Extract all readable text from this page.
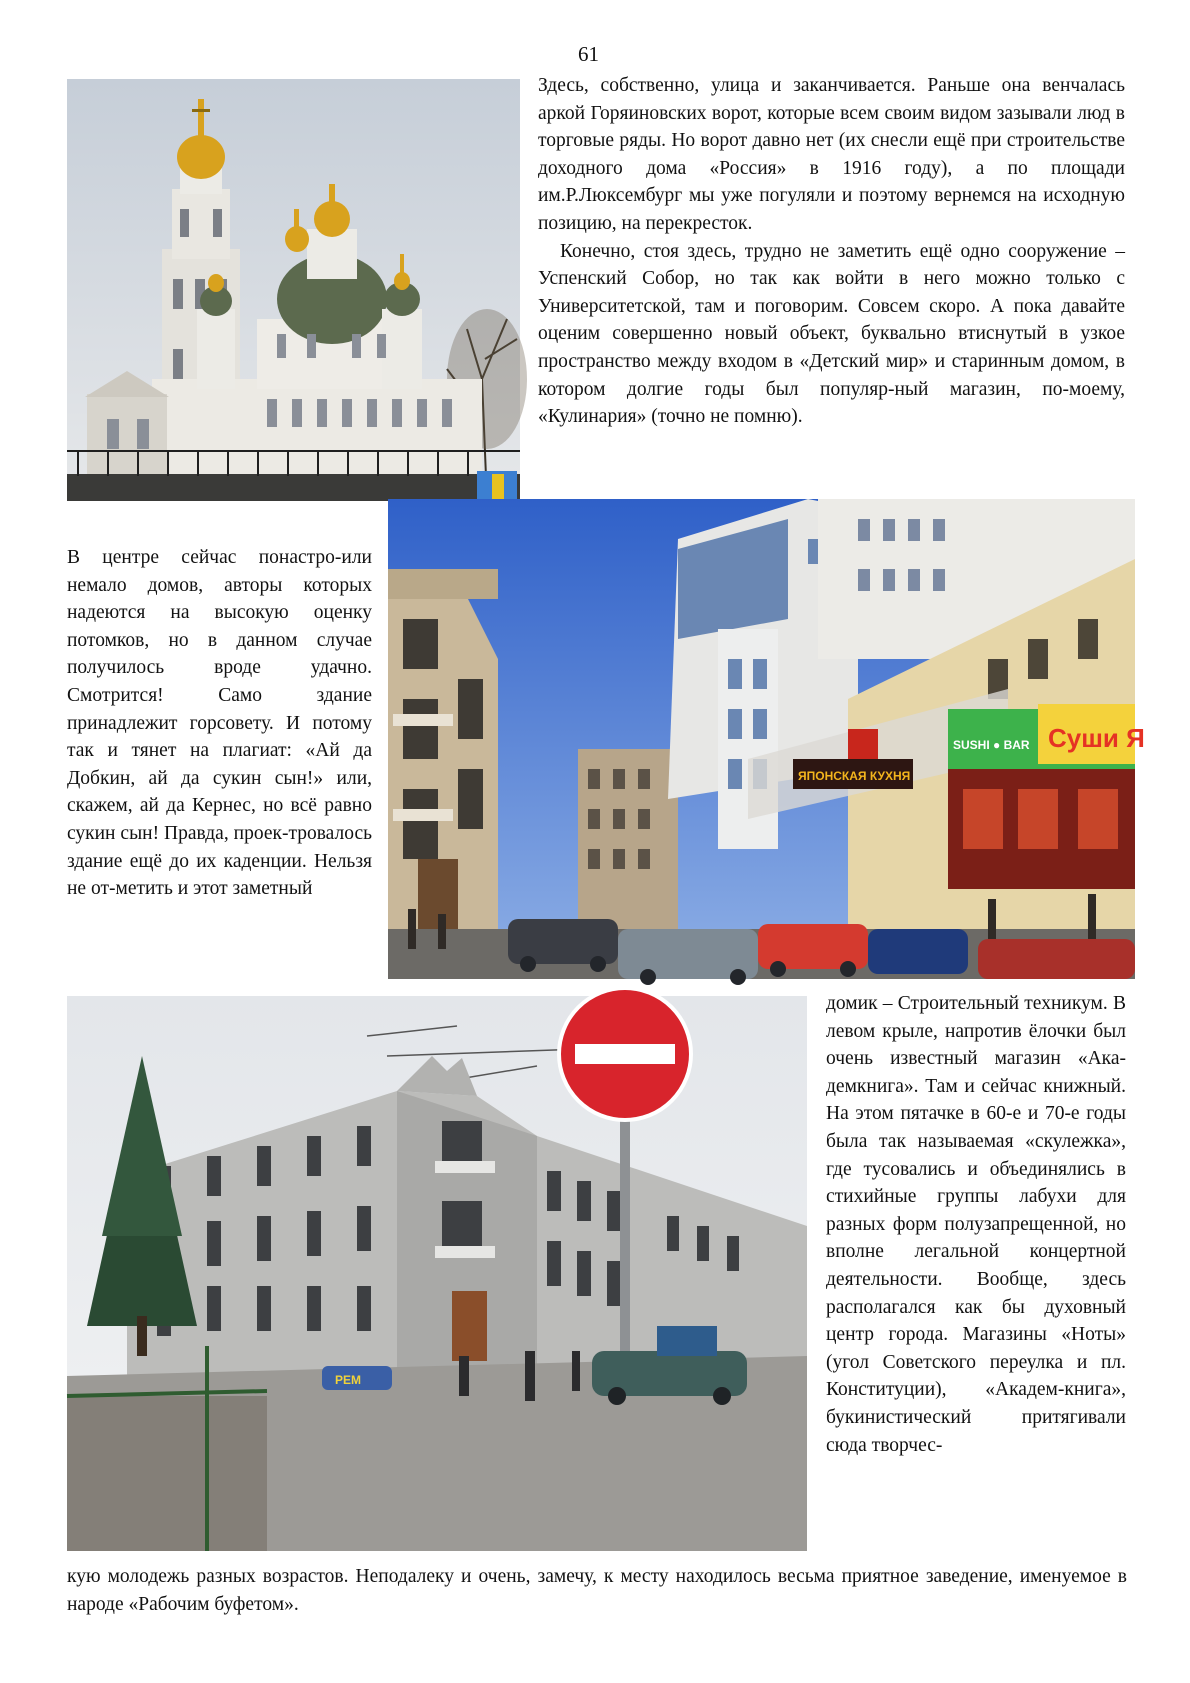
61

Здесь, собственно, улица и заканчивается. Раньше она венчалась аркой Горяиновских ворот, которые всем своим видом зазывали люд в торговые ряды. Но ворот давно нет (их снесли ещё при строительстве доходного дома «Россия» в 1916 году), а по площади им.Р.Люксембург мы уже погуляли и поэтому вернемся на исходную позицию, на перекресток.

Конечно, стоя здесь, трудно не заметить ещё одно сооружение – Успенский Собор, но так как войти в него можно только с Университетской, там и поговорим. Совсем скоро. А пока давайте оценим совершенно новый объект, буквально втиснутый в узкое пространство между входом в «Детский мир» и старинным домом, в котором долгие годы был популяр-ный магазин, по-моему, «Кулинария» (точно не помню).

Суши Я
SUSHI ● BAR
ЯПОНСКАЯ КУХНЯ

В центре сейчас понастро-или немало домов, авторы которых надеются на высокую оценку потомков, но в данном случае получилось вроде удачно. Смотрится! Само здание принадлежит горсовету. И потому так и тянет на плагиат: «Ай да Добкин, ай да сукин сын!» или, скажем, ай да Кернес, но всё равно сукин сын! Правда, проек-тровалось здание ещё до их каденции. Нельзя не от-метить и этот заметный

РЕМ

домик – Строительный техникум. В левом крыле, напротив ёлочки был очень известный магазин «Ака-демкнига». Там и сейчас книжный. На этом пятачке в 60-е и 70-е годы была так называемая «скулежка», где тусовались и объединялись в стихийные группы лабухи для разных форм полузапрещенной, но вполне легальной концертной деятельности. Вообще, здесь располагался как бы духовный центр города. Магазины «Ноты» (угол Советского переулка и пл. Конституции), «Академ-книга», букинистический притягивали сюда творчес-

кую молодежь разных возрастов. Неподалеку и очень, замечу, к месту находилось весьма приятное заведение, именуемое в народе «Рабочим буфетом».
